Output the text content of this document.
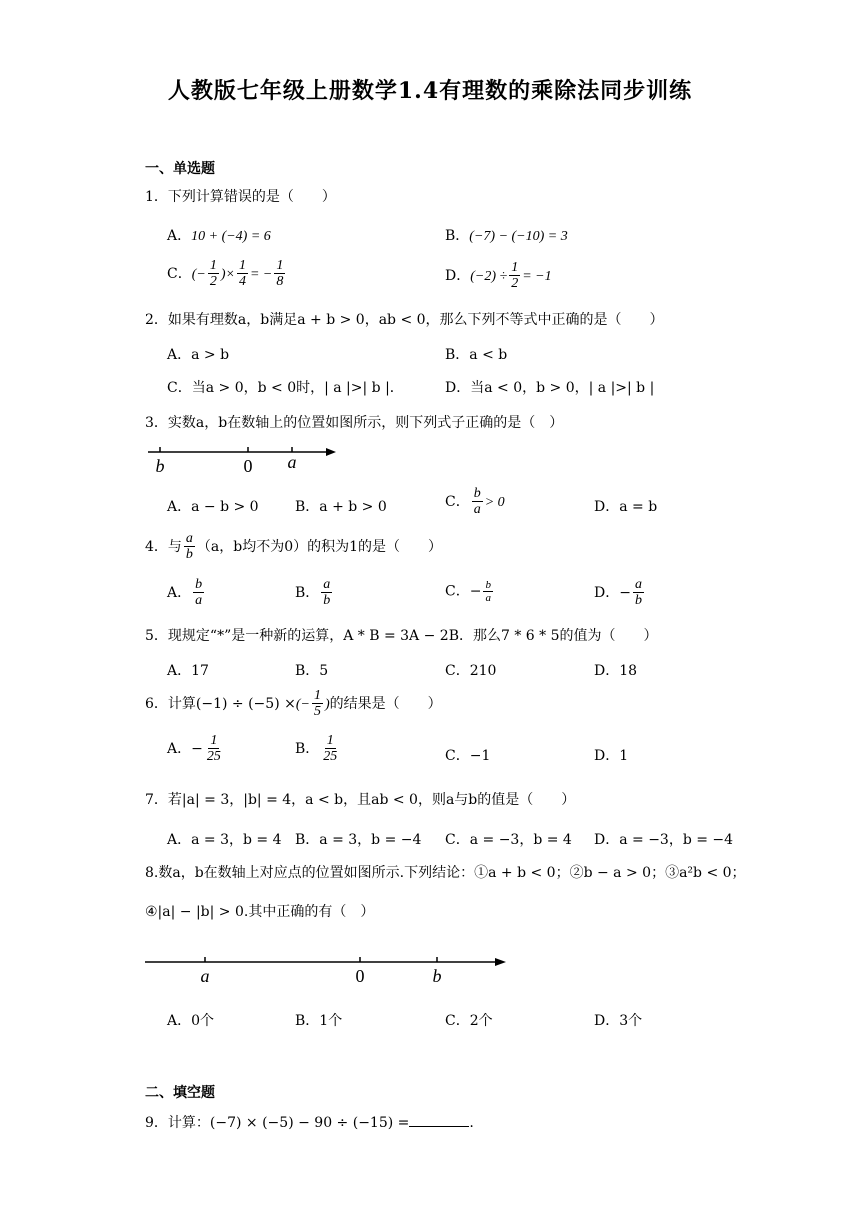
人教版七年级上册数学1.4有理数的乘除法同步训练
一、单选题
1．下列计算错误的是（　　）
A．10 + (−4) = 6	B．(−7) − (−10) = 3
C．(− $\frac{1}{2}$ )× $\frac{1}{4}$ = − $\frac{1}{8}$	D．$(-2) \div \frac{1}{2} = -1$
2．如果有理数a，b满足a + b > 0，ab < 0，那么下列不等式中正确的是（　　）
A．a > b	B．a < b
C．当a > 0，b < 0时，| a |>| b |．	D．当a < 0，b > 0，| a |>| b |
3．实数a，b在数轴上的位置如图所示，则下列式子正确的是（　）
b	0 a
A．a − b > 0	B．a + b > 0	C． $\frac{b}{a} > 0$	D．a = b
4．与 $\frac{a}{b} (a$，b均不为0）的积为1的是（　　）
A． $\frac{b}{a}$	B． $\frac{a}{b}$	C．− $\frac{b}{a}$	D．− $\frac{a}{b}$
5．现规定“*”是一种新的运算，A * B = 3A − 2B．那么7 * 6 * 5的值为（　　）
A．17	B．5	C．210	D．18
6．计算(−1) ÷ (−5) ×(− $\frac{1}{5}$ )的结果是（　　）
A．− $\frac{1}{25}$	B． $\frac{1}{25}$	C．−1	D．1
7．若|a| = 3，|b| = 4，a < b，且ab < 0，则a与b的值是（　　）
A．a = 3，b = 4 B．a = 3，b = −4 C．a = −3，b = 4 D．a = −3，b = −4
8.数a，b在数轴上对应点的位置如图所示.下列结论：①a + b < 0；②b − a > 0；③a²b < 0；
④|a| − |b| > 0.其中正确的有（　）
a	0	b
A．0个	B．1个	C．2个	D．3个
二、填空题
9．计算：(−7) × (−5) − 90 ÷ (−15) =	.
